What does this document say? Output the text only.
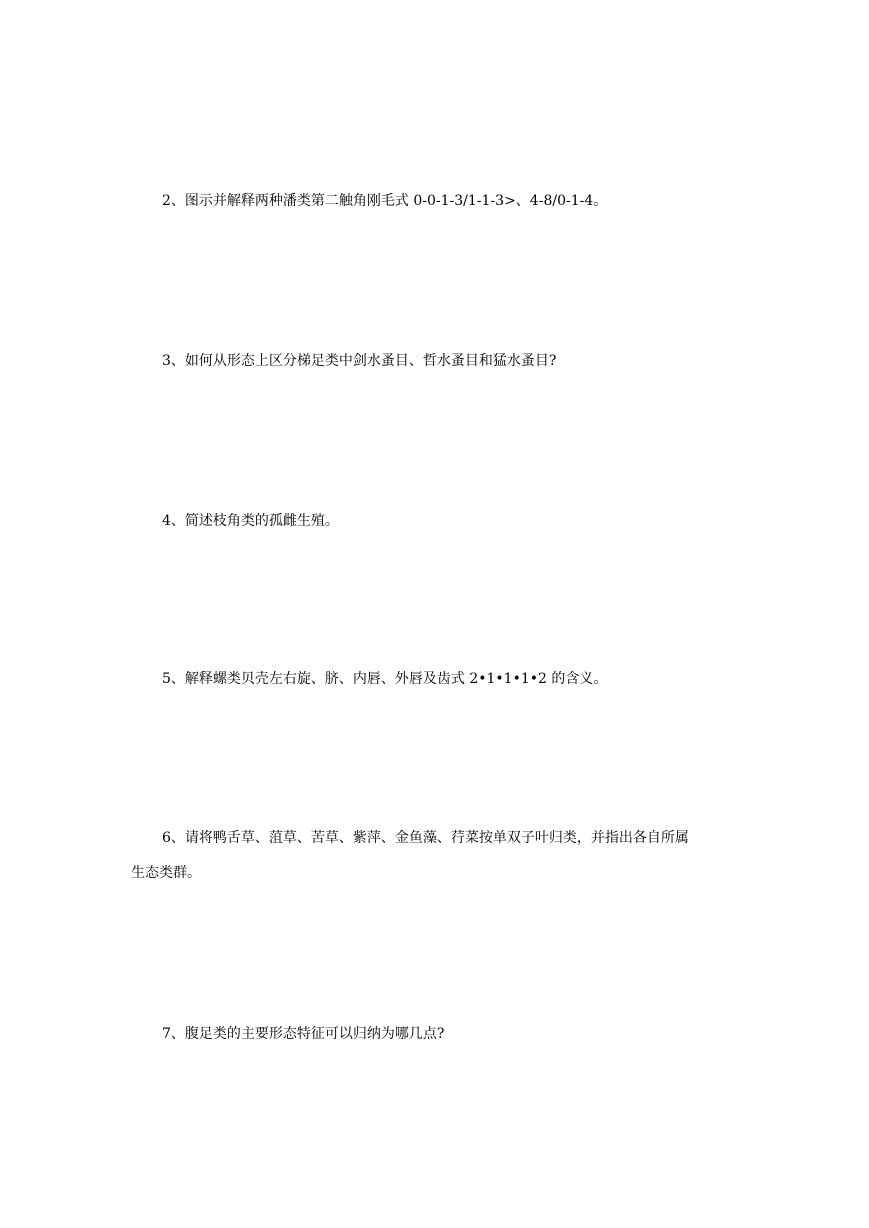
2、图示并解释两种潘类第二触角刚毛式 0-0-1-3/1-1-3>、4-8/0-1-4。
3、如何从形态上区分梯足类中剑水蚤目、哲水蚤目和猛水蚤目?
4、简述枝角类的孤雌生殖。
5、解释螺类贝壳左右旋、脐、内唇、外唇及齿式 2•1•1•1•2 的含义。
6、请将鸭舌草、菹草、苦草、紫萍、金鱼藻、荇菜按单双子叶归类，并指出各自所属
生态类群。
7、腹足类的主要形态特征可以归纳为哪几点?
